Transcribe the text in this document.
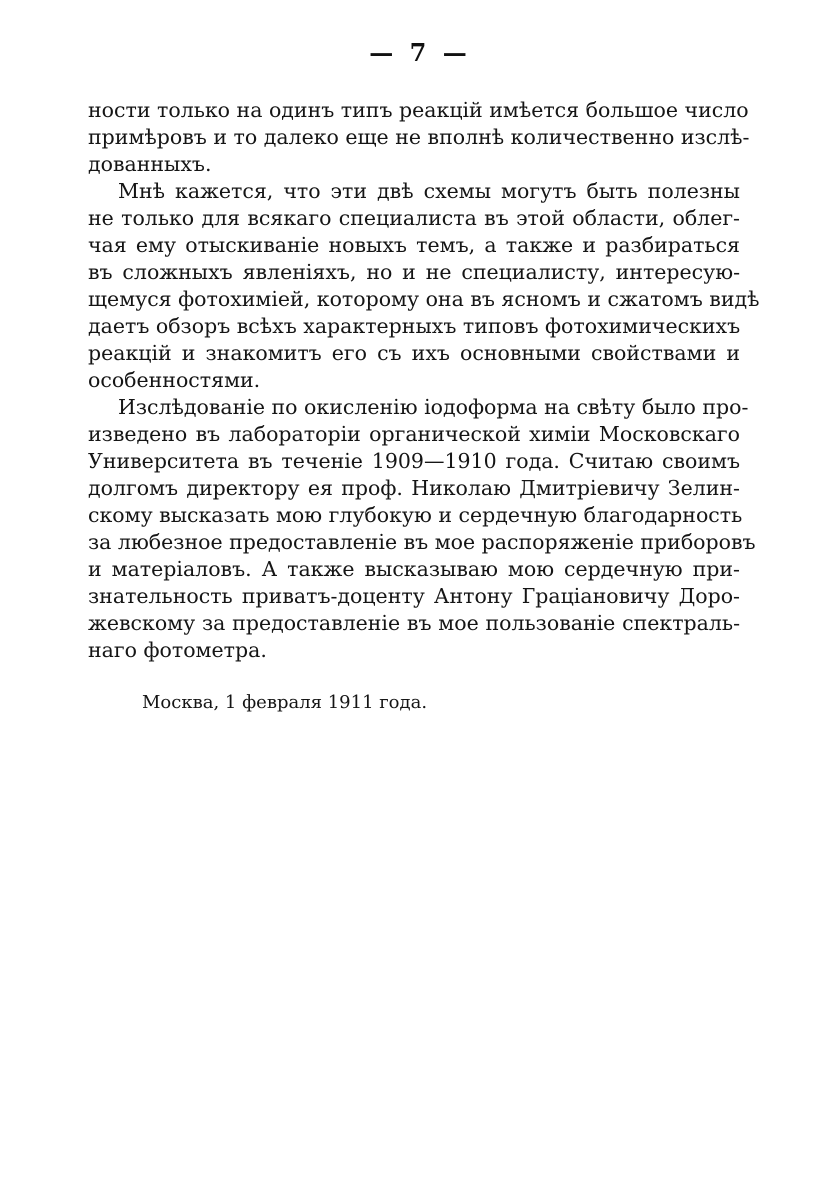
— 7 —
ности только на одинъ типъ реакцій имѣется большое число
примѣровъ и то далеко еще не вполнѣ количественно изслѣ-
дованныхъ.
Мнѣ кажется, что эти двѣ схемы могутъ быть полезны
не только для всякаго специалиста въ этой области, облег-
чая ему отыскиваніе новыхъ темъ, а также и разбираться
въ сложныхъ явленіяхъ, но и не специалисту, интересую-
щемуся фотохиміей, которому она въ ясномъ и сжатомъ видѣ
даетъ обзоръ всѣхъ характерныхъ типовъ фотохимическихъ
реакцій и знакомитъ его съ ихъ основными свойствами и
особенностями.
Изслѣдованіе по окисленію іодоформа на свѣту было про-
изведено въ лабораторіи органической химіи Московскаго
Университета въ теченіе 1909—1910 года. Считаю своимъ
долгомъ директору ея проф. Николаю Дмитріевичу Зелин-
скому высказать мою глубокую и сердечную благодарность
за любезное предоставленіе въ мое распоряженіе приборовъ
и матеріаловъ. А также высказываю мою сердечную при-
знательность приватъ-доценту Антону Граціановичу Доро-
жевскому за предоставленіе въ мое пользованіе спектраль-
наго фотометра.
Москва, 1 февраля 1911 года.
